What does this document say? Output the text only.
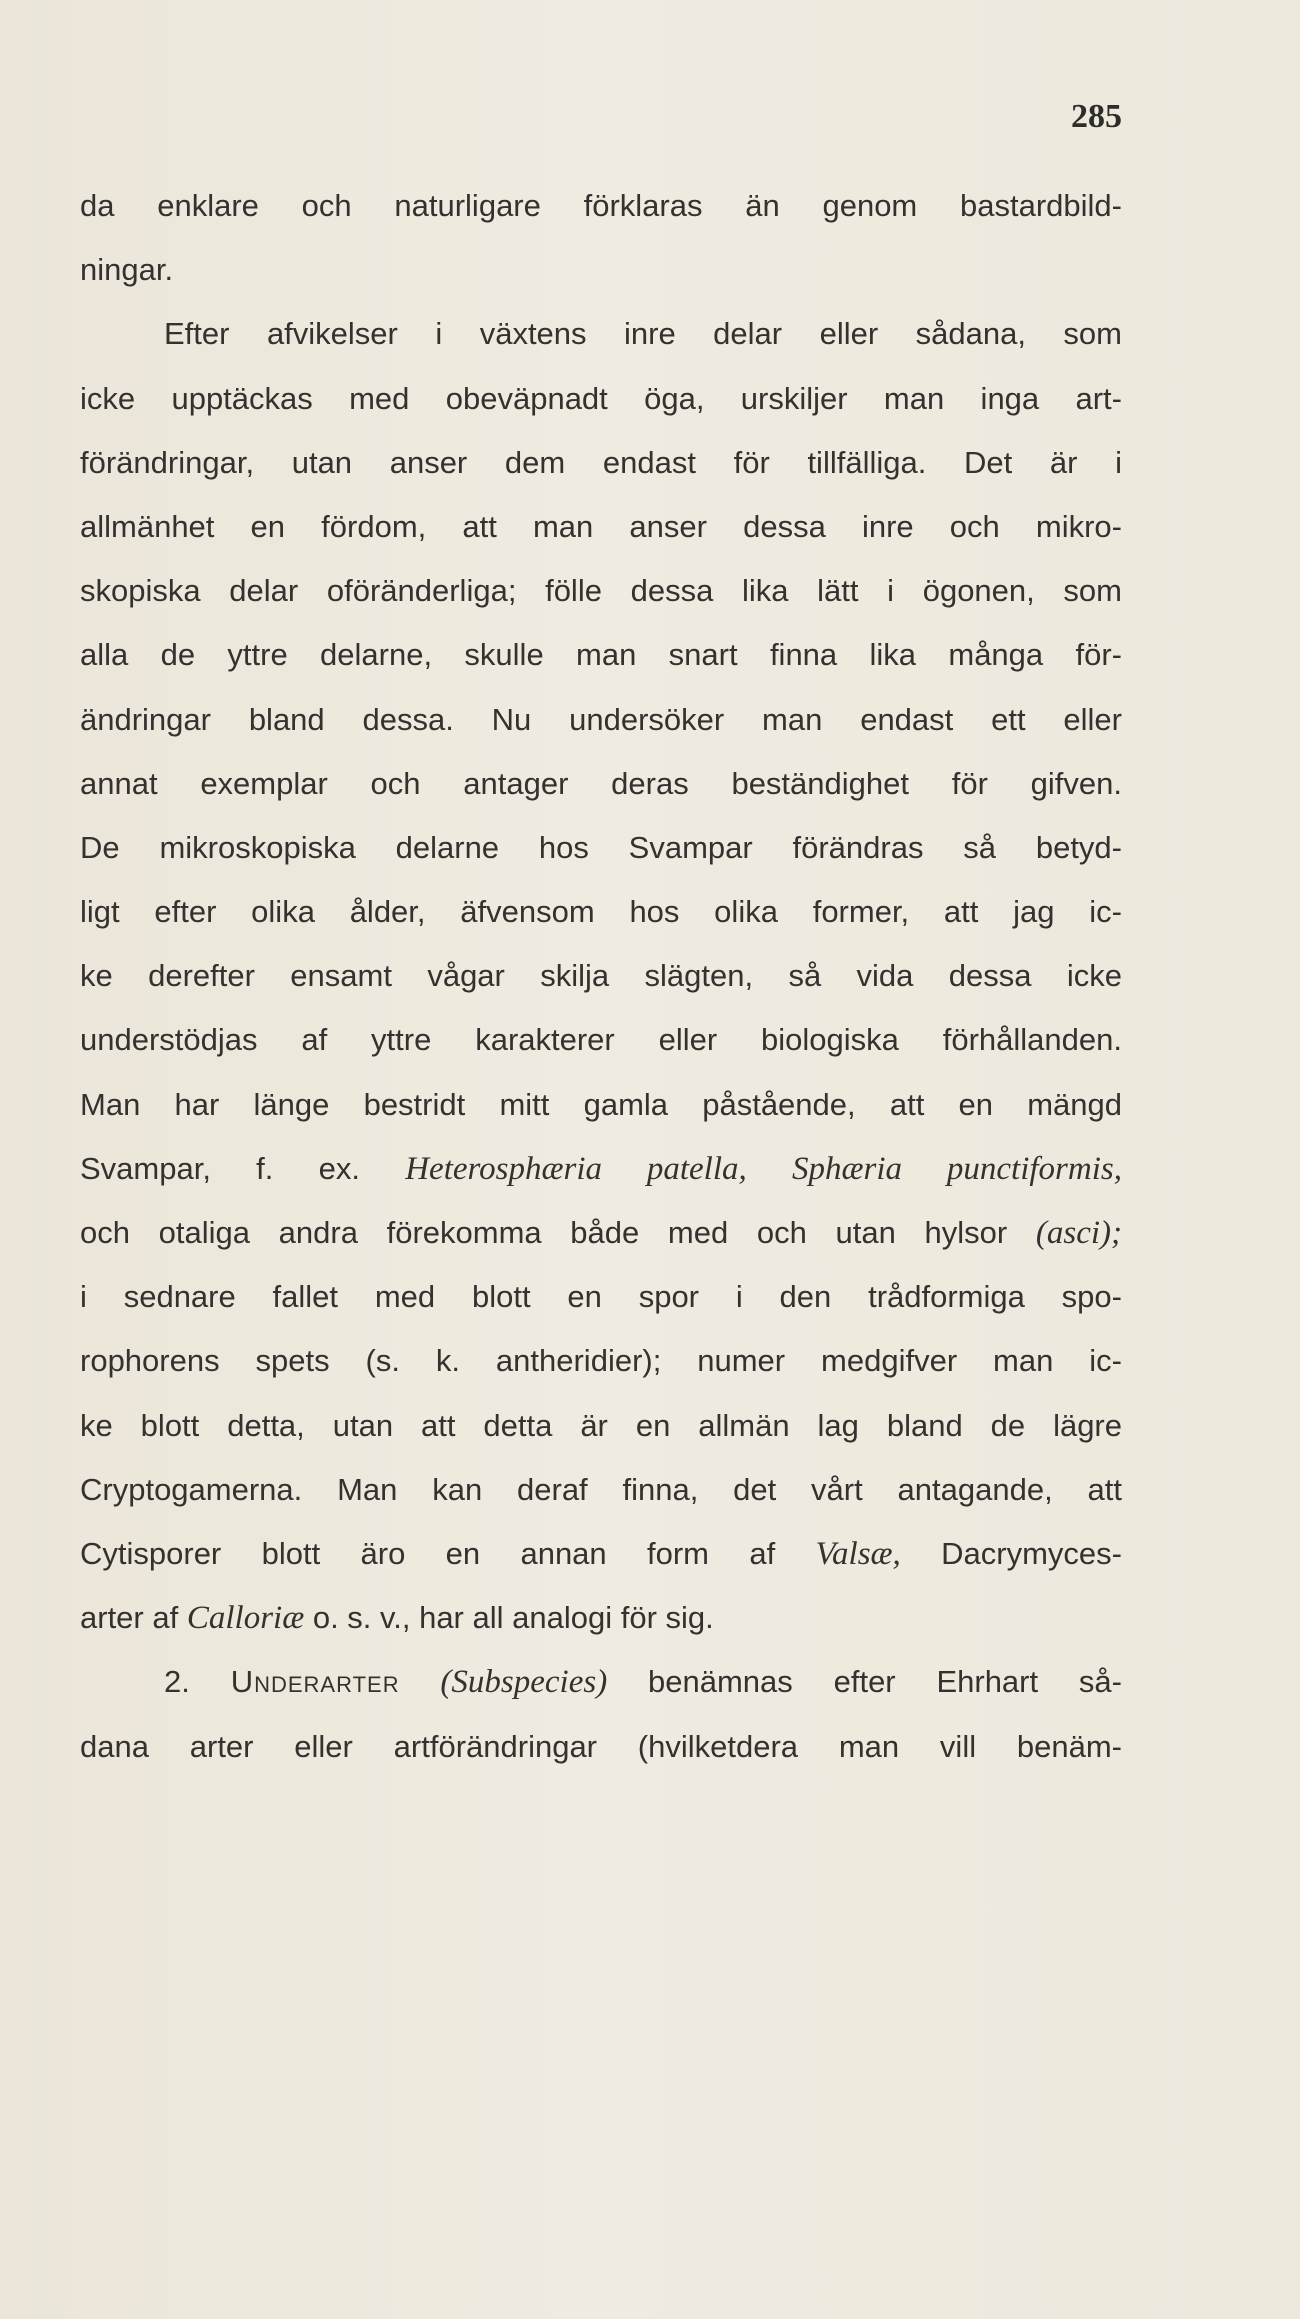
285
da enklare och naturligare förklaras än genom bastardbild-
ningar.
Efter afvikelser i växtens inre delar eller sådana, som
icke upptäckas med obeväpnadt öga, urskiljer man inga art-
förändringar, utan anser dem endast för tillfälliga. Det är i
allmänhet en fördom, att man anser dessa inre och mikro-
skopiska delar oföränderliga; fölle dessa lika lätt i ögonen, som
alla de yttre delarne, skulle man snart finna lika många för-
ändringar bland dessa. Nu undersöker man endast ett eller
annat exemplar och antager deras beständighet för gifven.
De mikroskopiska delarne hos Svampar förändras så betyd-
ligt efter olika ålder, äfvensom hos olika former, att jag ic-
ke derefter ensamt vågar skilja slägten, så vida dessa icke
understödjas af yttre karakterer eller biologiska förhållanden.
Man har länge bestridt mitt gamla påstående, att en mängd
Svampar, f. ex. Heterosphæria patella, Sphæria punctiformis,
och otaliga andra förekomma både med och utan hylsor (asci);
i sednare fallet med blott en spor i den trådformiga spo-
rophorens spets (s. k. antheridier); numer medgifver man ic-
ke blott detta, utan att detta är en allmän lag bland de lägre
Cryptogamerna. Man kan deraf finna, det vårt antagande, att
Cytisporer blott äro en annan form af Valsæ, Dacrymyces-
arter af Calloriæ o. s. v., har all analogi för sig.
2. Underarter (Subspecies) benämnas efter Ehrhart så-
dana arter eller artförändringar (hvilketdera man vill benäm-
